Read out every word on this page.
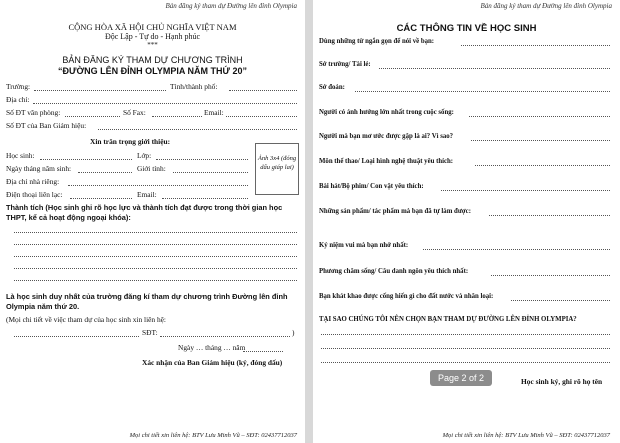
Bản đăng ký tham dự Đường lên đỉnh Olympia
CỘNG HÒA XÃ HỘI CHỦ NGHĨA VIỆT NAM
Độc Lập - Tự do - Hạnh phúc
***
BẢN ĐĂNG KÝ THAM DỰ CHƯƠNG TRÌNH
“ĐƯỜNG LÊN ĐỈNH OLYMPIA NĂM THỨ 20”
Trường:	Tỉnh/thành phố:
Địa chỉ:
Số ĐT văn phòng:	Số Fax:	Email:
Số ĐT của Ban Giám hiệu:
Xin trân trọng giới thiệu:
Học sinh:	Lớp:
Ngày tháng năm sinh:	Giới tính:
Địa chỉ nhà riêng:
Điện thoại liên lạc:	Email:
Ảnh 3x4 (đóng dấu giáp lai)
Thành tích (Học sinh ghi rõ học lực và thành tích đạt được trong thời gian học THPT, kể cả hoạt động ngoại khóa):
Là học sinh duy nhất của trường đăng kí tham dự chương trình Đường lên đỉnh Olympia năm thứ 20.
(Mọi chi tiết về việc tham dự của học sinh xin liên hệ:
SĐT:	)
Ngày … tháng … năm
Xác nhận của Ban Giám hiệu (ký, đóng dấu)
Mọi chi tiết xin liên hệ: BTV Lưu Minh Vũ – SĐT: 02437712037
Bản đăng ký tham dự Đường lên đỉnh Olympia
CÁC THÔNG TIN VỀ HỌC SINH
Dùng những từ ngắn gọn để nói về bạn:
Sở trường/ Tài lẻ:
Sở đoản:
Người có ảnh hưởng lớn nhất trong cuộc sống:
Người mà bạn mơ ước được gặp là ai? Vì sao?
Môn thể thao/ Loại hình nghệ thuật yêu thích:
Bài hát/Bộ phim/ Con vật yêu thích:
Những sản phẩm/ tác phẩm mà bạn đã tự làm được:
Kỷ niệm vui mà bạn nhớ nhất:
Phương châm sống/ Câu danh ngôn yêu thích nhất:
Bạn khát khao được cống hiến gì cho đất nước và nhân loại:
TẠI SAO CHÚNG TÔI NÊN CHỌN BẠN THAM DỰ ĐƯỜNG LÊN ĐỈNH OLYMPIA?
Page 2 of 2	Học sinh ký, ghi rõ họ tên
Mọi chi tiết xin liên hệ: BTV Lưu Minh Vũ – SĐT: 02437712037
